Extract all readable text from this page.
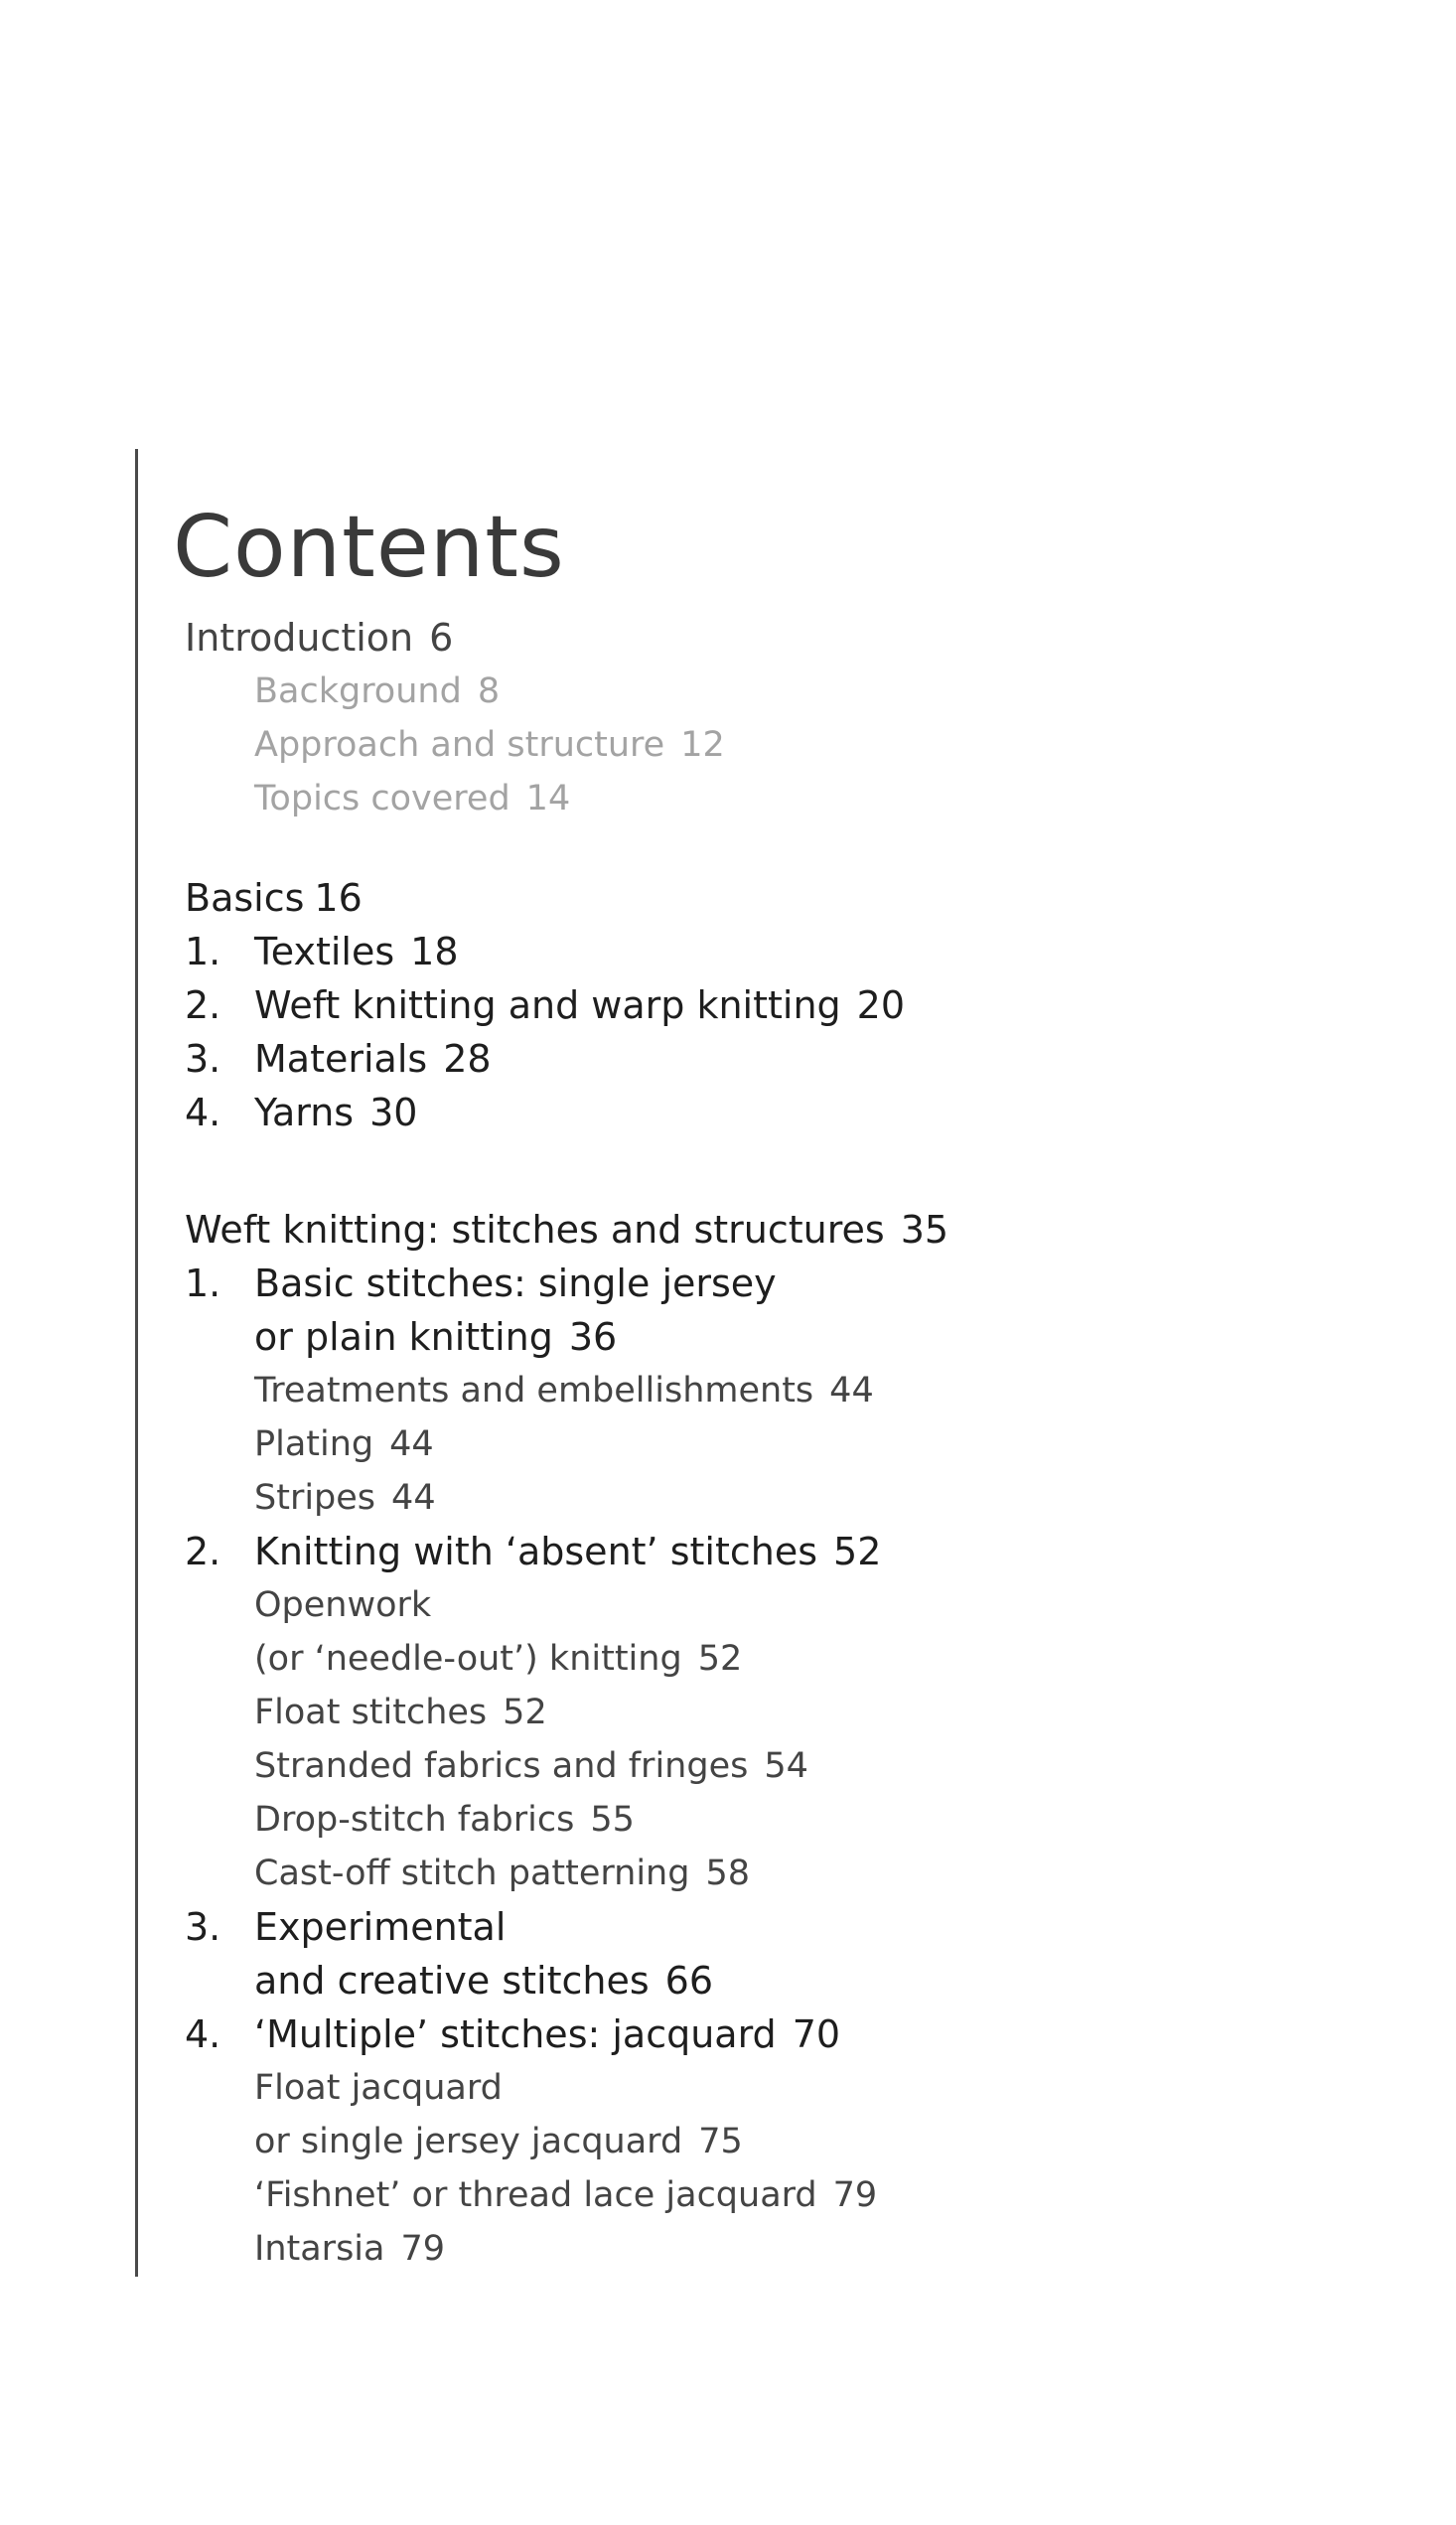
Contents
Introduction 6
Background 8
Approach and structure 12
Topics covered 14
Basics 16
1. Textiles 18
2. Weft knitting and warp knitting 20
3. Materials 28
4. Yarns 30
Weft knitting: stitches and structures 35
1. Basic stitches: single jersey
or plain knitting 36
Treatments and embellishments 44
Plating 44
Stripes 44
2. Knitting with ‘absent’ stitches 52
Openwork
(or ‘needle-out’) knitting 52
Float stitches 52
Stranded fabrics and fringes 54
Drop-stitch fabrics 55
Cast-off stitch patterning 58
3. Experimental
and creative stitches 66
4. ‘Multiple’ stitches: jacquard 70
Float jacquard
or single jersey jacquard 75
‘Fishnet’ or thread lace jacquard 79
Intarsia 79
